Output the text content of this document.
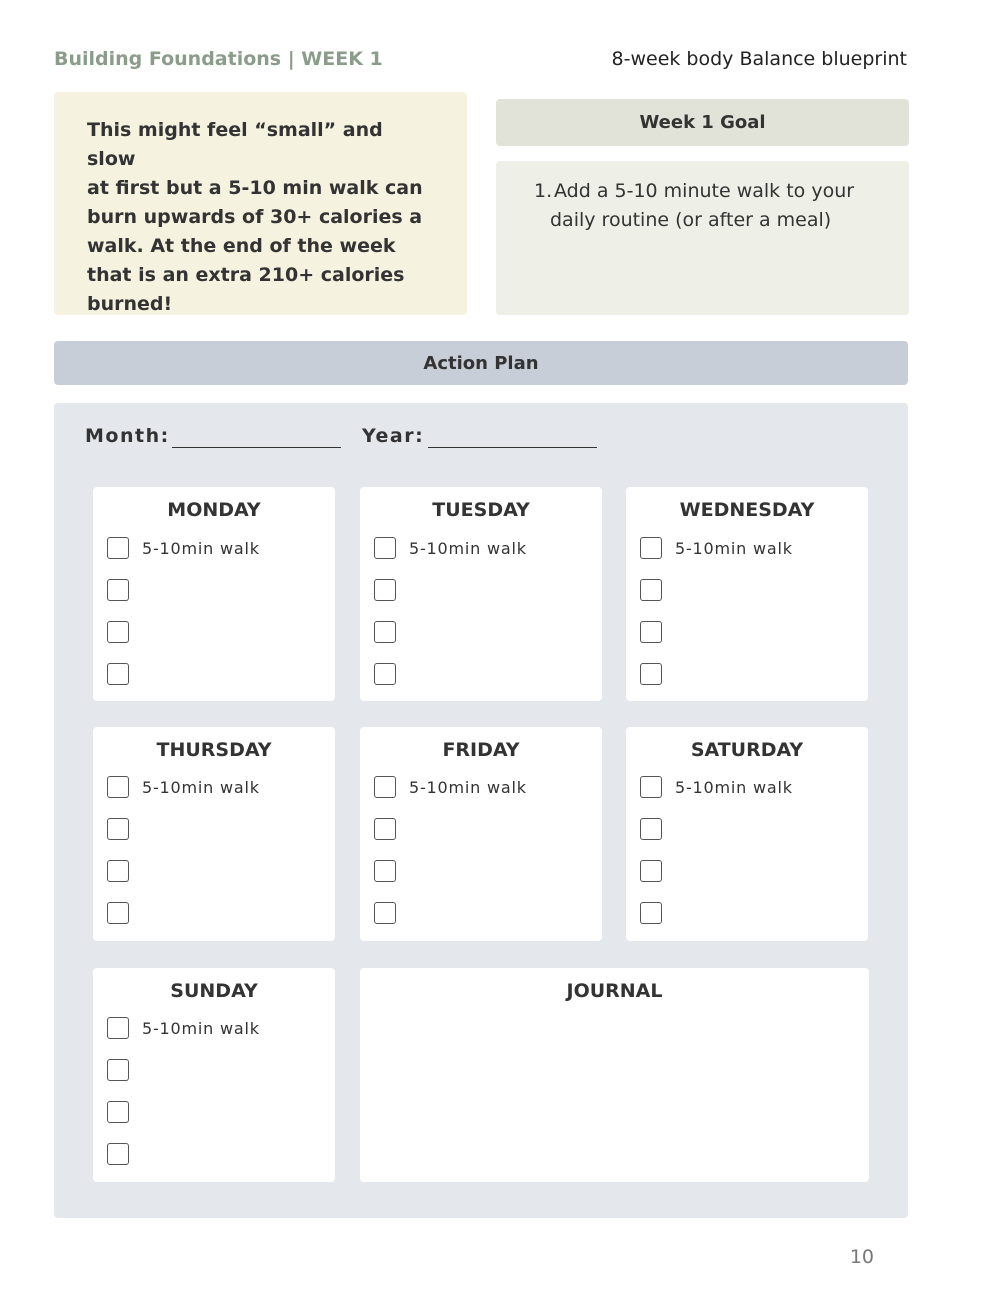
Building Foundations | WEEK 1	8-week body Balance blueprint
This might feel “small” and slow
at first but a 5-10 min walk can
burn upwards of 30+ calories a
walk. At the end of the week
that is an extra 210+ calories
burned!
Week 1 Goal
1. Add a 5-10 minute walk to your
daily routine (or after a meal)
Action Plan
Month:	Year:
MONDAY
5-10min walk
TUESDAY
5-10min walk
WEDNESDAY
5-10min walk
THURSDAY
5-10min walk
FRIDAY
5-10min walk
SATURDAY
5-10min walk
SUNDAY
5-10min walk
JOURNAL
10
